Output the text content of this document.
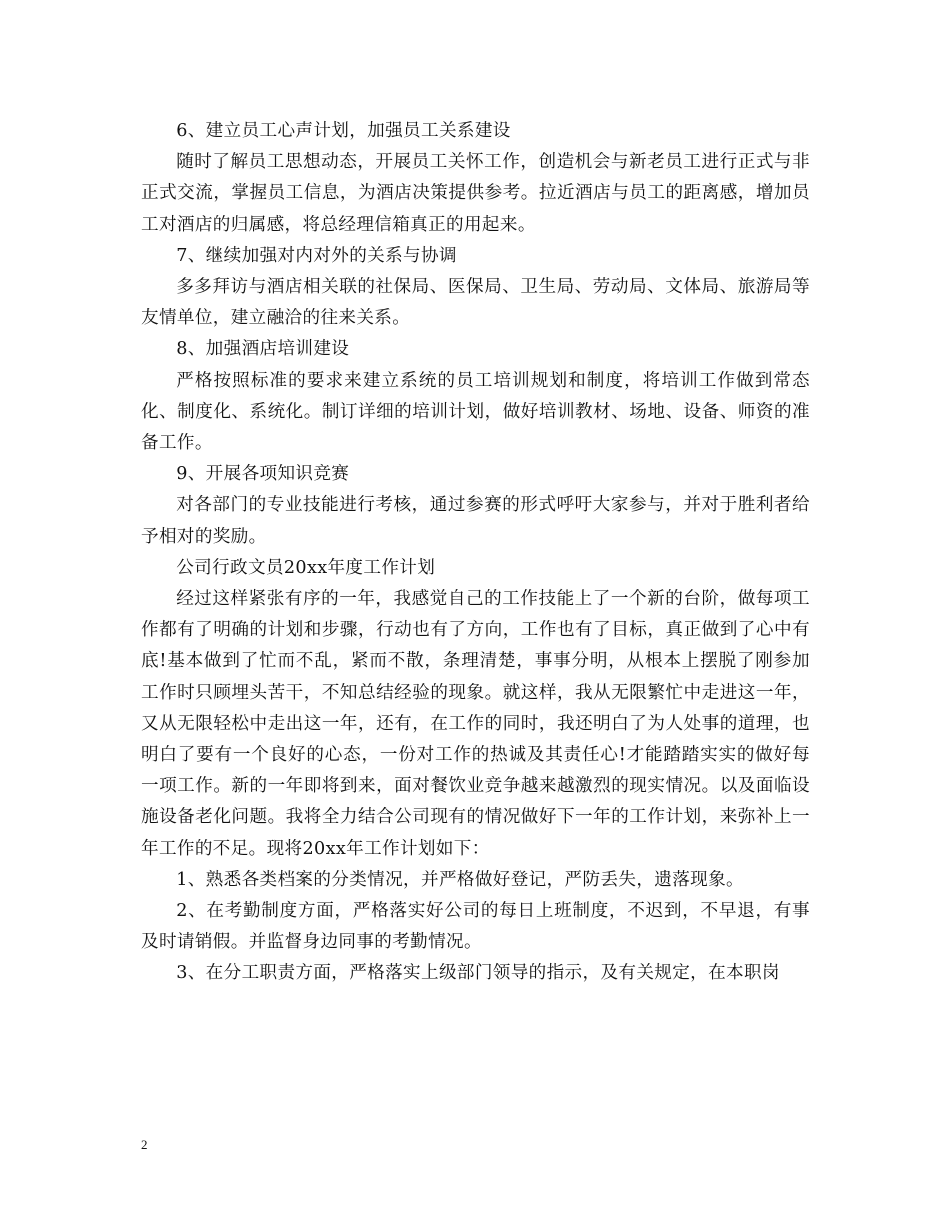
6、建立员工心声计划，加强员工关系建设

随时了解员工思想动态，开展员工关怀工作，创造机会与新老员工进行正式与非正式交流，掌握员工信息，为酒店决策提供参考。拉近酒店与员工的距离感，增加员工对酒店的归属感，将总经理信箱真正的用起来。

7、继续加强对内对外的关系与协调

多多拜访与酒店相关联的社保局、医保局、卫生局、劳动局、文体局、旅游局等友情单位，建立融洽的往来关系。

8、加强酒店培训建设

严格按照标准的要求来建立系统的员工培训规划和制度，将培训工作做到常态化、制度化、系统化。制订详细的培训计划，做好培训教材、场地、设备、师资的准备工作。

9、开展各项知识竞赛

对各部门的专业技能进行考核，通过参赛的形式呼吁大家参与，并对于胜利者给予相对的奖励。

公司行政文员20xx年度工作计划

经过这样紧张有序的一年，我感觉自己的工作技能上了一个新的台阶，做每项工作都有了明确的计划和步骤，行动也有了方向，工作也有了目标，真正做到了心中有底!基本做到了忙而不乱，紧而不散，条理清楚，事事分明，从根本上摆脱了刚参加工作时只顾埋头苦干，不知总结经验的现象。就这样，我从无限繁忙中走进这一年，又从无限轻松中走出这一年，还有，在工作的同时，我还明白了为人处事的道理，也明白了要有一个良好的心态，一份对工作的热诚及其责任心!才能踏踏实实的做好每一项工作。新的一年即将到来，面对餐饮业竞争越来越激烈的现实情况。以及面临设施设备老化问题。我将全力结合公司现有的情况做好下一年的工作计划，来弥补上一年工作的不足。现将20xx年工作计划如下：

1、熟悉各类档案的分类情况，并严格做好登记，严防丢失，遗落现象。

2、在考勤制度方面，严格落实好公司的每日上班制度，不迟到，不早退，有事及时请销假。并监督身边同事的考勤情况。

3、在分工职责方面，严格落实上级部门领导的指示，及有关规定，在本职岗

2
